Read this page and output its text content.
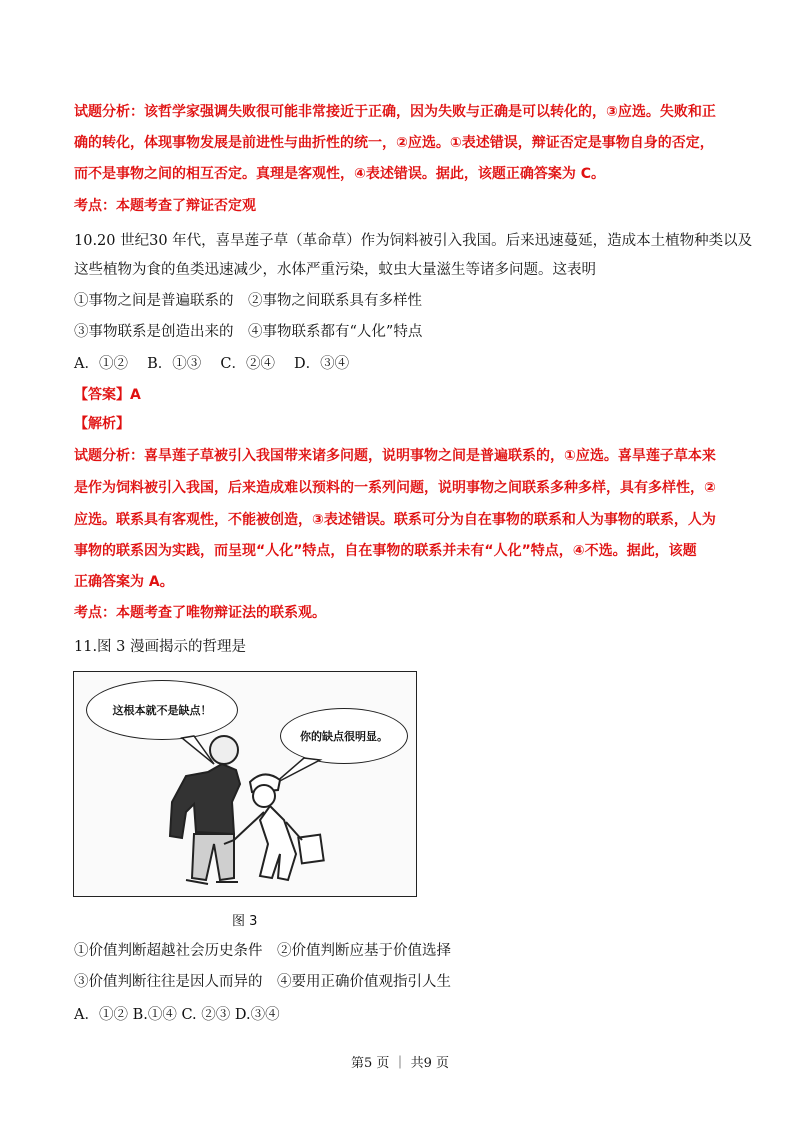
试题分析：该哲学家强调失败很可能非常接近于正确，因为失败与正确是可以转化的，③应选。失败和正
确的转化，体现事物发展是前进性与曲折性的统一，②应选。①表述错误，辩证否定是事物自身的否定，
而不是事物之间的相互否定。真理是客观性，④表述错误。据此，该题正确答案为 C。
考点：本题考查了辩证否定观
10.20 世纪30 年代，喜旱莲子草（革命草）作为饲料被引入我国。后来迅速蔓延，造成本土植物种类以及
这些植物为食的鱼类迅速减少，水体严重污染，蚊虫大量滋生等诸多问题。这表明
①事物之间是普遍联系的　②事物之间联系具有多样性
③事物联系是创造出来的　④事物联系都有“人化”特点
A．①②　 B．①③　 C．②④　 D．③④
【答案】A
【解析】
试题分析：喜旱莲子草被引入我国带来诸多问题，说明事物之间是普遍联系的，①应选。喜旱莲子草本来
是作为饲料被引入我国，后来造成难以预料的一系列问题，说明事物之间联系多种多样，具有多样性，②
应选。联系具有客观性，不能被创造，③表述错误。联系可分为自在事物的联系和人为事物的联系，人为
事物的联系因为实践，而呈现“人化”特点，自在事物的联系并未有“人化”特点，④不选。据此，该题
正确答案为 A。
考点：本题考查了唯物辩证法的联系观。
11.图 3 漫画揭示的哲理是
这根本就不是缺点！
你的缺点很明显。
图 3
①价值判断超越社会历史条件　②价值判断应基于价值选择
③价值判断往往是因人而异的　④要用正确价值观指引人生
A．①② B.①④ C. ②③ D.③④
第5 页 ｜ 共9 页
